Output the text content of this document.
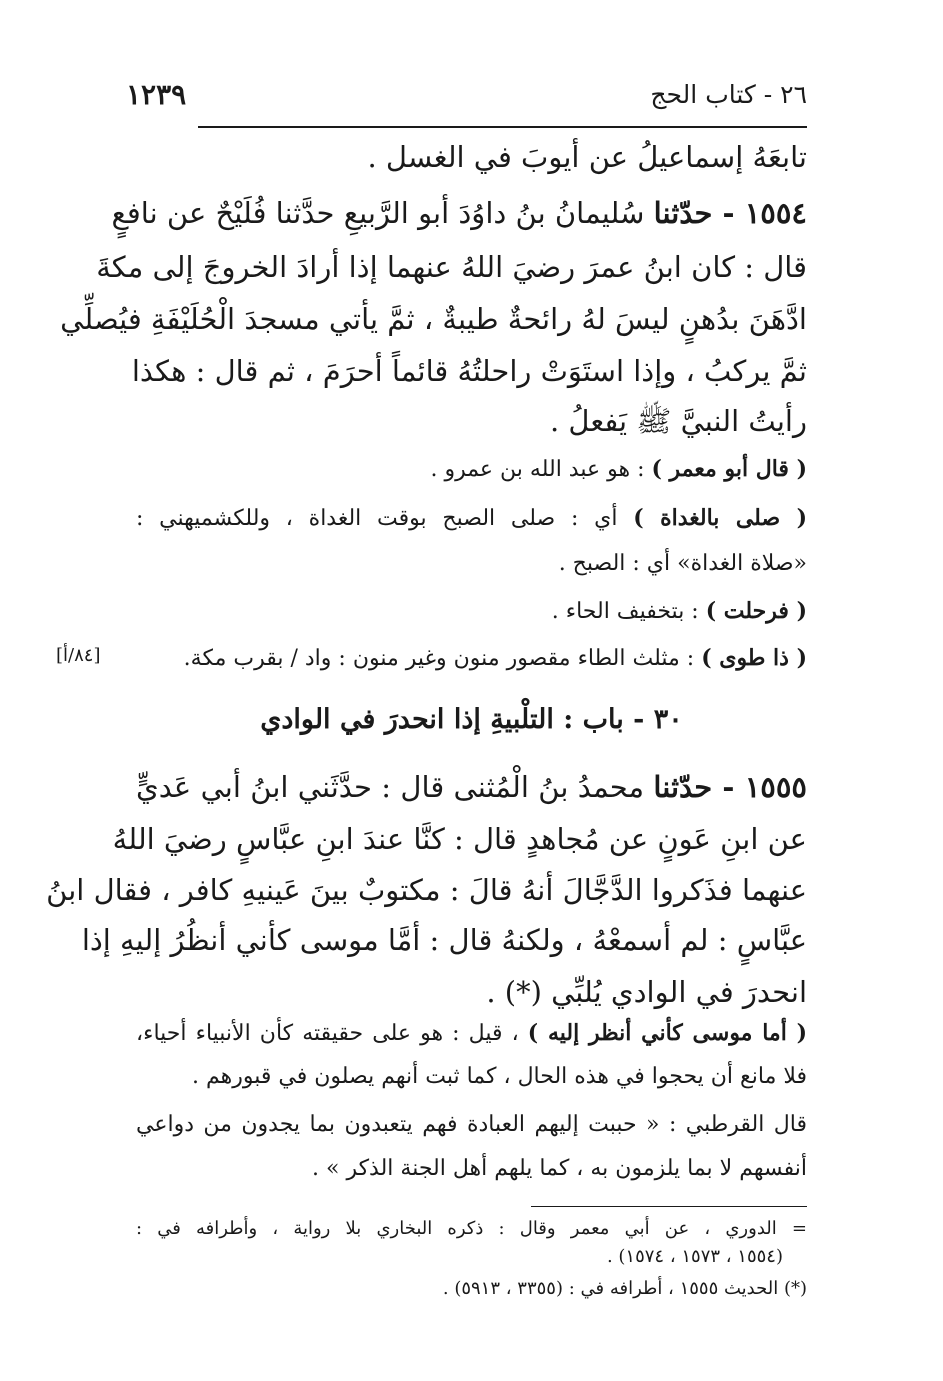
١٢٣٩	٢٦ - كتاب الحج
تابعَهُ إسماعيلُ عن أيوبَ في الغسل .
١٥٥٤ - حدّثنا سُليمانُ بنُ داوُدَ أبو الرَّبيعِ حدَّثنا فُلَيْحٌ عن نافعٍ
قال : كان ابنُ عمرَ رضيَ اللهُ عنهما إذا أرادَ الخروجَ إلى مكةَ
ادَّهَنَ بدُهنٍ ليسَ لهُ رائحةٌ طيبةٌ ، ثمَّ يأتي مسجدَ الْحُلَيْفَةِ فيُصلِّي
ثمَّ يركبُ ، وإذا استَوَتْ راحلتُهُ قائماً أحرَمَ ، ثم قال : هكذا
رأيتُ النبيَّ ﷺ يَفعلُ .
( قال أبو معمر ) : هو عبد الله بن عمرو .
( صلى بالغداة ) أي : صلى الصبح بوقت الغداة ، وللكشميهني :
«صلاة الغداة» أي : الصبح .
( فرحلت ) : بتخفيف الحاء .
( ذا طوى ) : مثلث الطاء مقصور منون وغير منون : واد / بقرب مكة.
[٨٤/أ]
٣٠ - باب : التلْبيةِ إذا انحدرَ في الوادي
١٥٥٥ - حدّثنا محمدُ بنُ الْمُثنى قال : حدَّثَني ابنُ أبي عَديٍّ
عن ابنِ عَونٍ عن مُجاهدٍ قال : كنَّا عندَ ابنِ عبَّاسٍ رضيَ اللهُ
عنهما فذَكروا الدَّجَّالَ أنهُ قالَ : مكتوبٌ بينَ عَينيهِ كافر ، فقال ابنُ
عبَّاسٍ : لم أسمعْهُ ، ولكنهُ قال : أمَّا موسى كأني أنظُرُ إليهِ إذا
انحدرَ في الوادي يُلبِّي (*) .
( أما موسى كأني أنظر إليه ) ، قيل : هو على حقيقته كأن الأنبياء أحياء،
فلا مانع أن يحجوا في هذه الحال ، كما ثبت أنهم يصلون في قبورهم .
قال القرطبي : « حببت إليهم العبادة فهم يتعبدون بما يجدون من دواعي
أنفسهم لا بما يلزمون به ، كما يلهم أهل الجنة الذكر » .
= الدوري ، عن أبي معمر وقال : ذكره البخاري بلا رواية ، وأطرافه في :
(١٥٥٤ ، ١٥٧٣ ، ١٥٧٤) .
(*) الحديث ١٥٥٥ ، أطرافه في : (٣٣٥٥ ، ٥٩١٣) .
